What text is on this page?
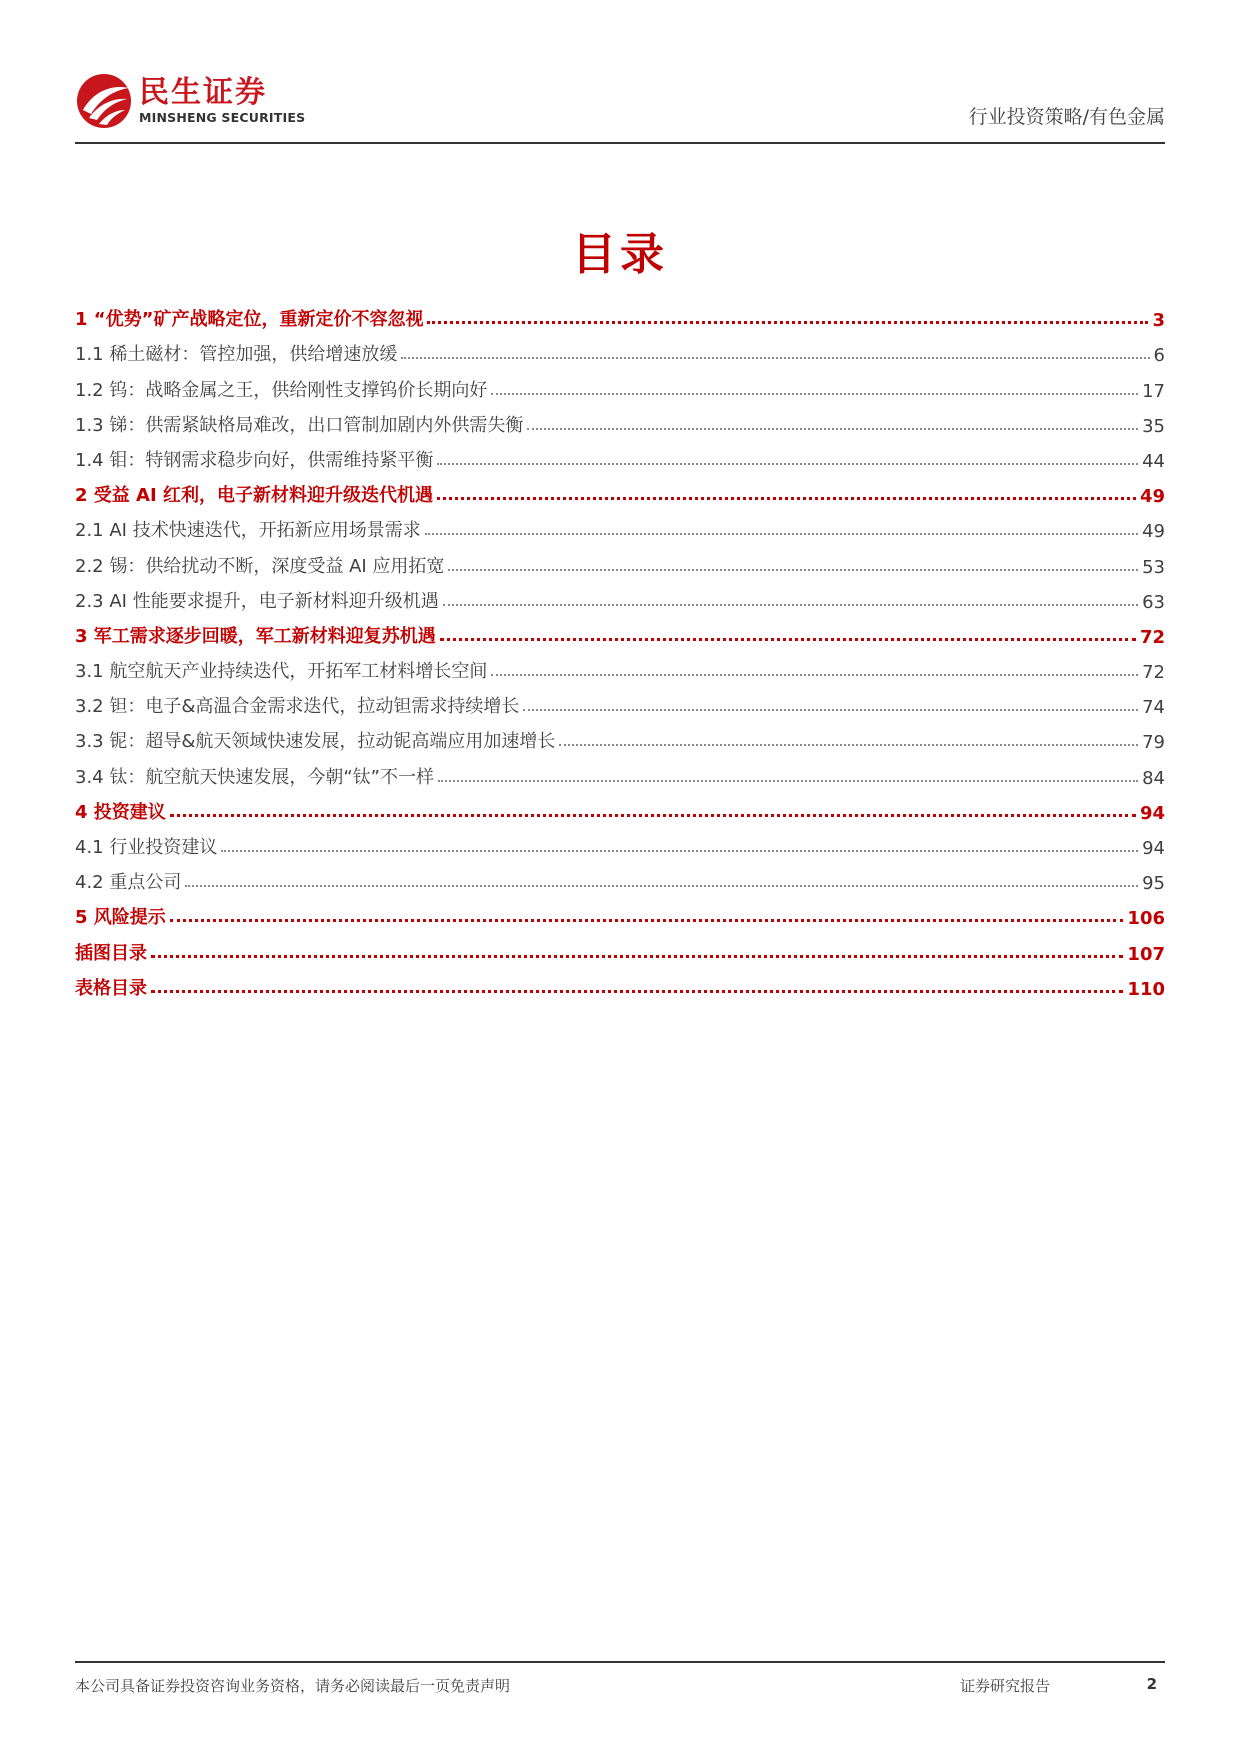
民生证券
MINSHENG SECURITIES	行业投资策略/有色金属
目录
1 “优势”矿产战略定位，重新定价不容忽视	3
1.1 稀土磁材：管控加强，供给增速放缓	6
1.2 钨：战略金属之王，供给刚性支撑钨价长期向好	17
1.3 锑：供需紧缺格局难改，出口管制加剧内外供需失衡	35
1.4 钼：特钢需求稳步向好，供需维持紧平衡	44
2 受益 AI 红利，电子新材料迎升级迭代机遇	49
2.1 AI 技术快速迭代，开拓新应用场景需求	49
2.2 锡：供给扰动不断，深度受益 AI 应用拓宽	53
2.3 AI 性能要求提升，电子新材料迎升级机遇	63
3 军工需求逐步回暖，军工新材料迎复苏机遇	72
3.1 航空航天产业持续迭代，开拓军工材料增长空间	72
3.2 钽：电子&高温合金需求迭代，拉动钽需求持续增长	74
3.3 铌：超导&航天领域快速发展，拉动铌高端应用加速增长	79
3.4 钛：航空航天快速发展，今朝“钛”不一样	84
4 投资建议	94
4.1 行业投资建议	94
4.2 重点公司	95
5 风险提示	106
插图目录	107
表格目录	110
本公司具备证券投资咨询业务资格，请务必阅读最后一页免责声明	证券研究报告	2
